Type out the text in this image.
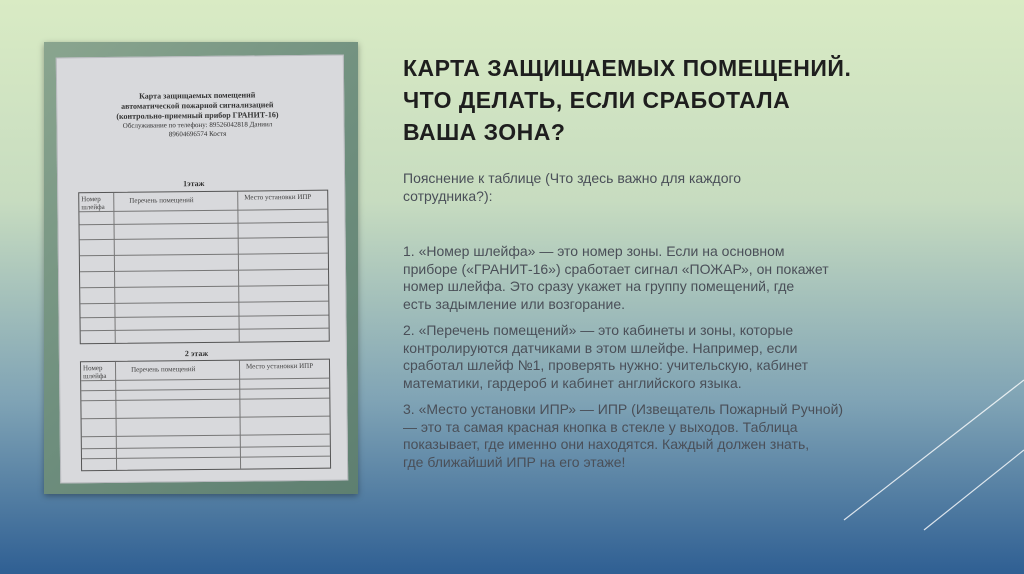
Карта защищаемых помещений
автоматической пожарной сигнализацией
(контрольно-приемный прибор ГРАНИТ-16)
Обслуживание по телефону: 89526042818 Даниил
89604696574 Костя
1этаж
Номер шлейфа
Перечень помещений	Место установки ИПР
2 этаж
Номер шлейфа
Перечень помещений	Место установки ИПР
КАРТА ЗАЩИЩАЕМЫХ ПОМЕЩЕНИЙ.
ЧТО ДЕЛАТЬ, ЕСЛИ СРАБОТАЛА
ВАША ЗОНА?

Пояснение к таблице (Что здесь важно для каждого

сотрудника?):

1. «Номер шлейфа» — это номер зоны. Если на основном

приборе («ГРАНИТ-16») сработает сигнал «ПОЖАР», он покажет

номер шлейфа. Это сразу укажет на группу помещений, где

есть задымление или возгорание.

2. «Перечень помещений» — это кабинеты и зоны, которые

контролируются датчиками в этом шлейфе. Например, если

сработал шлейф №1, проверять нужно: учительскую, кабинет

математики, гардероб и кабинет английского языка.

3. «Место установки ИПР» — ИПР (Извещатель Пожарный Ручной)

— это та самая красная кнопка в стекле у выходов. Таблица

показывает, где именно они находятся. Каждый должен знать,

где ближайший ИПР на его этаже!
